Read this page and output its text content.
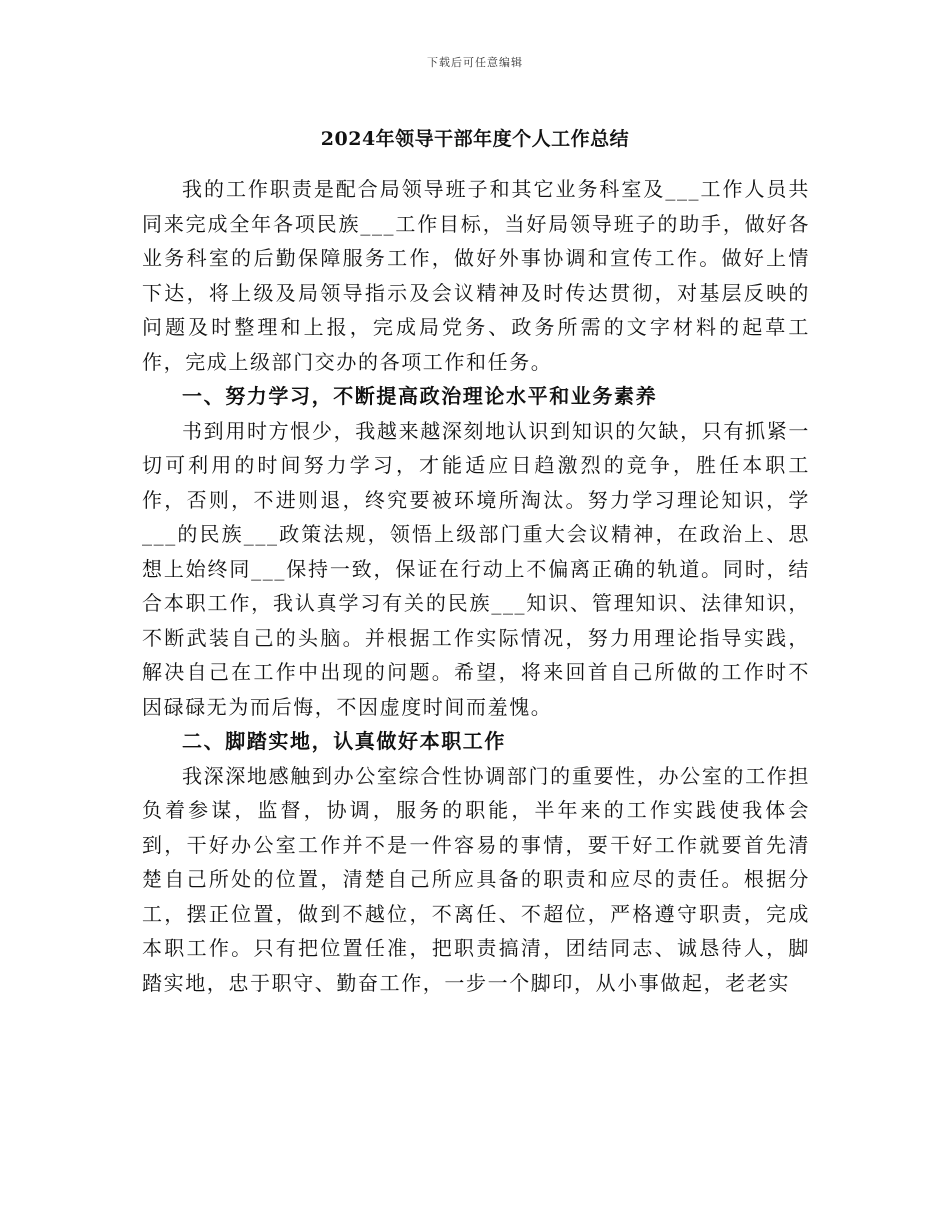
下载后可任意编辑
2024年领导干部年度个人工作总结

我的工作职责是配合局领导班子和其它业务科室及___工作人员共同来完成全年各项民族___工作目标，当好局领导班子的助手，做好各业务科室的后勤保障服务工作，做好外事协调和宣传工作。做好上情下达，将上级及局领导指示及会议精神及时传达贯彻，对基层反映的问题及时整理和上报，完成局党务、政务所需的文字材料的起草工作，完成上级部门交办的各项工作和任务。

一、努力学习，不断提高政治理论水平和业务素养

书到用时方恨少，我越来越深刻地认识到知识的欠缺，只有抓紧一切可利用的时间努力学习，才能适应日趋激烈的竞争，胜任本职工作，否则，不进则退，终究要被环境所淘汰。努力学习理论知识，学___的民族___政策法规，领悟上级部门重大会议精神，在政治上、思想上始终同___保持一致，保证在行动上不偏离正确的轨道。同时，结合本职工作，我认真学习有关的民族___知识、管理知识、法律知识，不断武装自己的头脑。并根据工作实际情况，努力用理论指导实践，解决自己在工作中出现的问题。希望，将来回首自己所做的工作时不因碌碌无为而后悔，不因虚度时间而羞愧。

二、脚踏实地，认真做好本职工作

我深深地感触到办公室综合性协调部门的重要性，办公室的工作担负着参谋，监督，协调，服务的职能，半年来的工作实践使我体会到，干好办公室工作并不是一件容易的事情，要干好工作就要首先清楚自己所处的位置，清楚自己所应具备的职责和应尽的责任。根据分工，摆正位置，做到不越位，不离任、不超位，严格遵守职责，完成本职工作。只有把位置任准，把职责搞清，团结同志、诚恳待人，脚踏实地，忠于职守、勤奋工作，一步一个脚印，从小事做起，老老实
